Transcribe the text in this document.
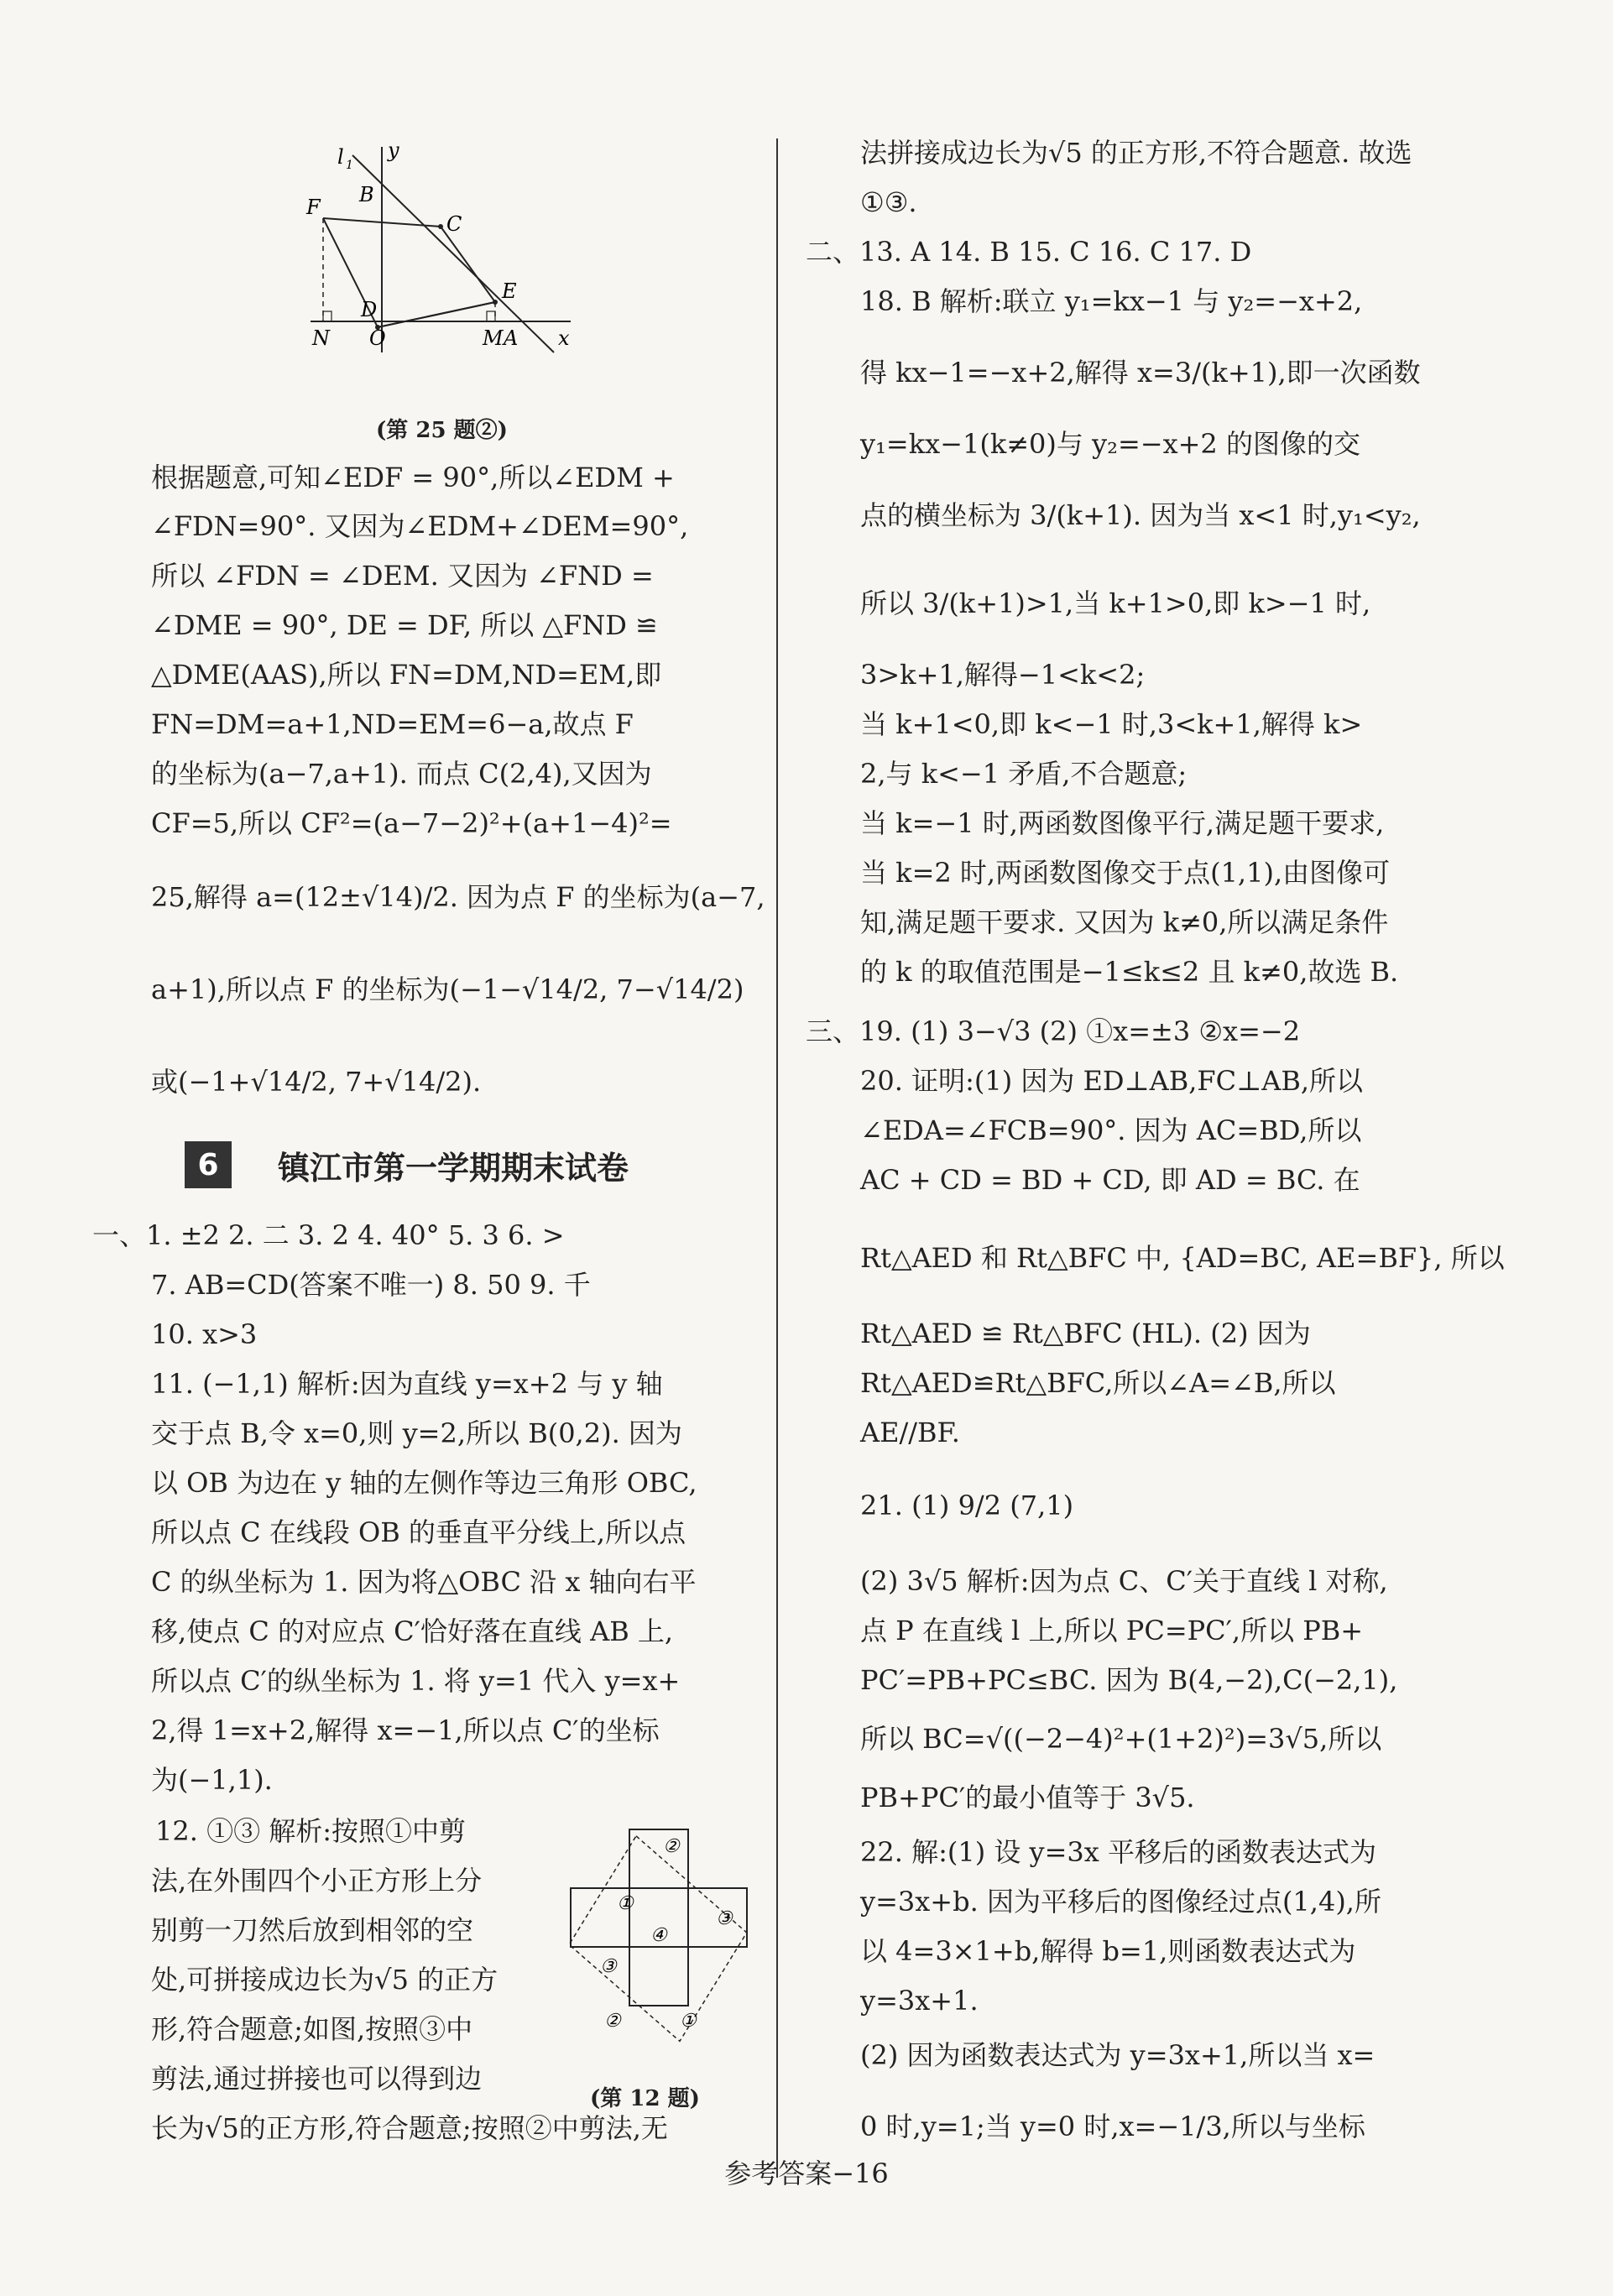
l 1
y
B
C
F
D
E
N O	M A x
(第 25 题②)
根据题意,可知∠EDF = 90°,所以∠EDM +
∠FDN=90°. 又因为∠EDM+∠DEM=90°,
所以 ∠FDN = ∠DEM. 又因为 ∠FND =
∠DME = 90°, DE = DF, 所以 △FND ≌
△DME(AAS),所以 FN=DM,ND=EM,即
FN=DM=a+1,ND=EM=6−a,故点 F
的坐标为(a−7,a+1). 而点 C(2,4),又因为
CF=5,所以 CF²=(a−7−2)²+(a+1−4)²=
25,解得 a=(12±√14)/2. 因为点 F 的坐标为(a−7,
a+1),所以点 F 的坐标为(−1−√14/2, 7−√14/2)
或(−1+√14/2, 7+√14/2).
6	镇江市第一学期期末试卷
一、1. ±2 2. 二 3. 2 4. 40° 5. 3 6. >
7. AB=CD(答案不唯一) 8. 50 9. 千
10. x>3
11. (−1,1) 解析:因为直线 y=x+2 与 y 轴
交于点 B,令 x=0,则 y=2,所以 B(0,2). 因为
以 OB 为边在 y 轴的左侧作等边三角形 OBC,
所以点 C 在线段 OB 的垂直平分线上,所以点
C 的纵坐标为 1. 因为将△OBC 沿 x 轴向右平
移,使点 C 的对应点 C′恰好落在直线 AB 上,
所以点 C′的纵坐标为 1. 将 y=1 代入 y=x+
2,得 1=x+2,解得 x=−1,所以点 C′的坐标
为(−1,1).
12. ①③ 解析:按照①中剪
法,在外围四个小正方形上分
别剪一刀然后放到相邻的空
处,可拼接成边长为√5 的正方
形,符合题意;如图,按照③中
剪法,通过拼接也可以得到边
长为√5的正方形,符合题意;按照②中剪法,无
②
③
①
④
③
②	①
(第 12 题)
法拼接成边长为√5 的正方形,不符合题意. 故选
①③.
二、13. A 14. B 15. C 16. C 17. D
18. B 解析:联立 y₁=kx−1 与 y₂=−x+2,
得 kx−1=−x+2,解得 x=3/(k+1),即一次函数
y₁=kx−1(k≠0)与 y₂=−x+2 的图像的交
点的横坐标为 3/(k+1). 因为当 x<1 时,y₁<y₂,
所以 3/(k+1)>1,当 k+1>0,即 k>−1 时,
3>k+1,解得−1<k<2;
当 k+1<0,即 k<−1 时,3<k+1,解得 k>
2,与 k<−1 矛盾,不合题意;
当 k=−1 时,两函数图像平行,满足题干要求,
当 k=2 时,两函数图像交于点(1,1),由图像可
知,满足题干要求. 又因为 k≠0,所以满足条件
的 k 的取值范围是−1≤k≤2 且 k≠0,故选 B.
三、19. (1) 3−√3 (2) ①x=±3 ②x=−2
20. 证明:(1) 因为 ED⊥AB,FC⊥AB,所以
∠EDA=∠FCB=90°. 因为 AC=BD,所以
AC + CD = BD + CD, 即 AD = BC. 在
Rt△AED 和 Rt△BFC 中, {AD=BC, AE=BF}, 所以
Rt△AED ≌ Rt△BFC (HL). (2) 因为
Rt△AED≌Rt△BFC,所以∠A=∠B,所以
AE//BF.
21. (1) 9/2 (7,1)
(2) 3√5 解析:因为点 C、C′关于直线 l 对称,
点 P 在直线 l 上,所以 PC=PC′,所以 PB+
PC′=PB+PC≤BC. 因为 B(4,−2),C(−2,1),
所以 BC=√((−2−4)²+(1+2)²)=3√5,所以
PB+PC′的最小值等于 3√5.
22. 解:(1) 设 y=3x 平移后的函数表达式为
y=3x+b. 因为平移后的图像经过点(1,4),所
以 4=3×1+b,解得 b=1,则函数表达式为
y=3x+1.
(2) 因为函数表达式为 y=3x+1,所以当 x=
0 时,y=1;当 y=0 时,x=−1/3,所以与坐标
参考答案−16
